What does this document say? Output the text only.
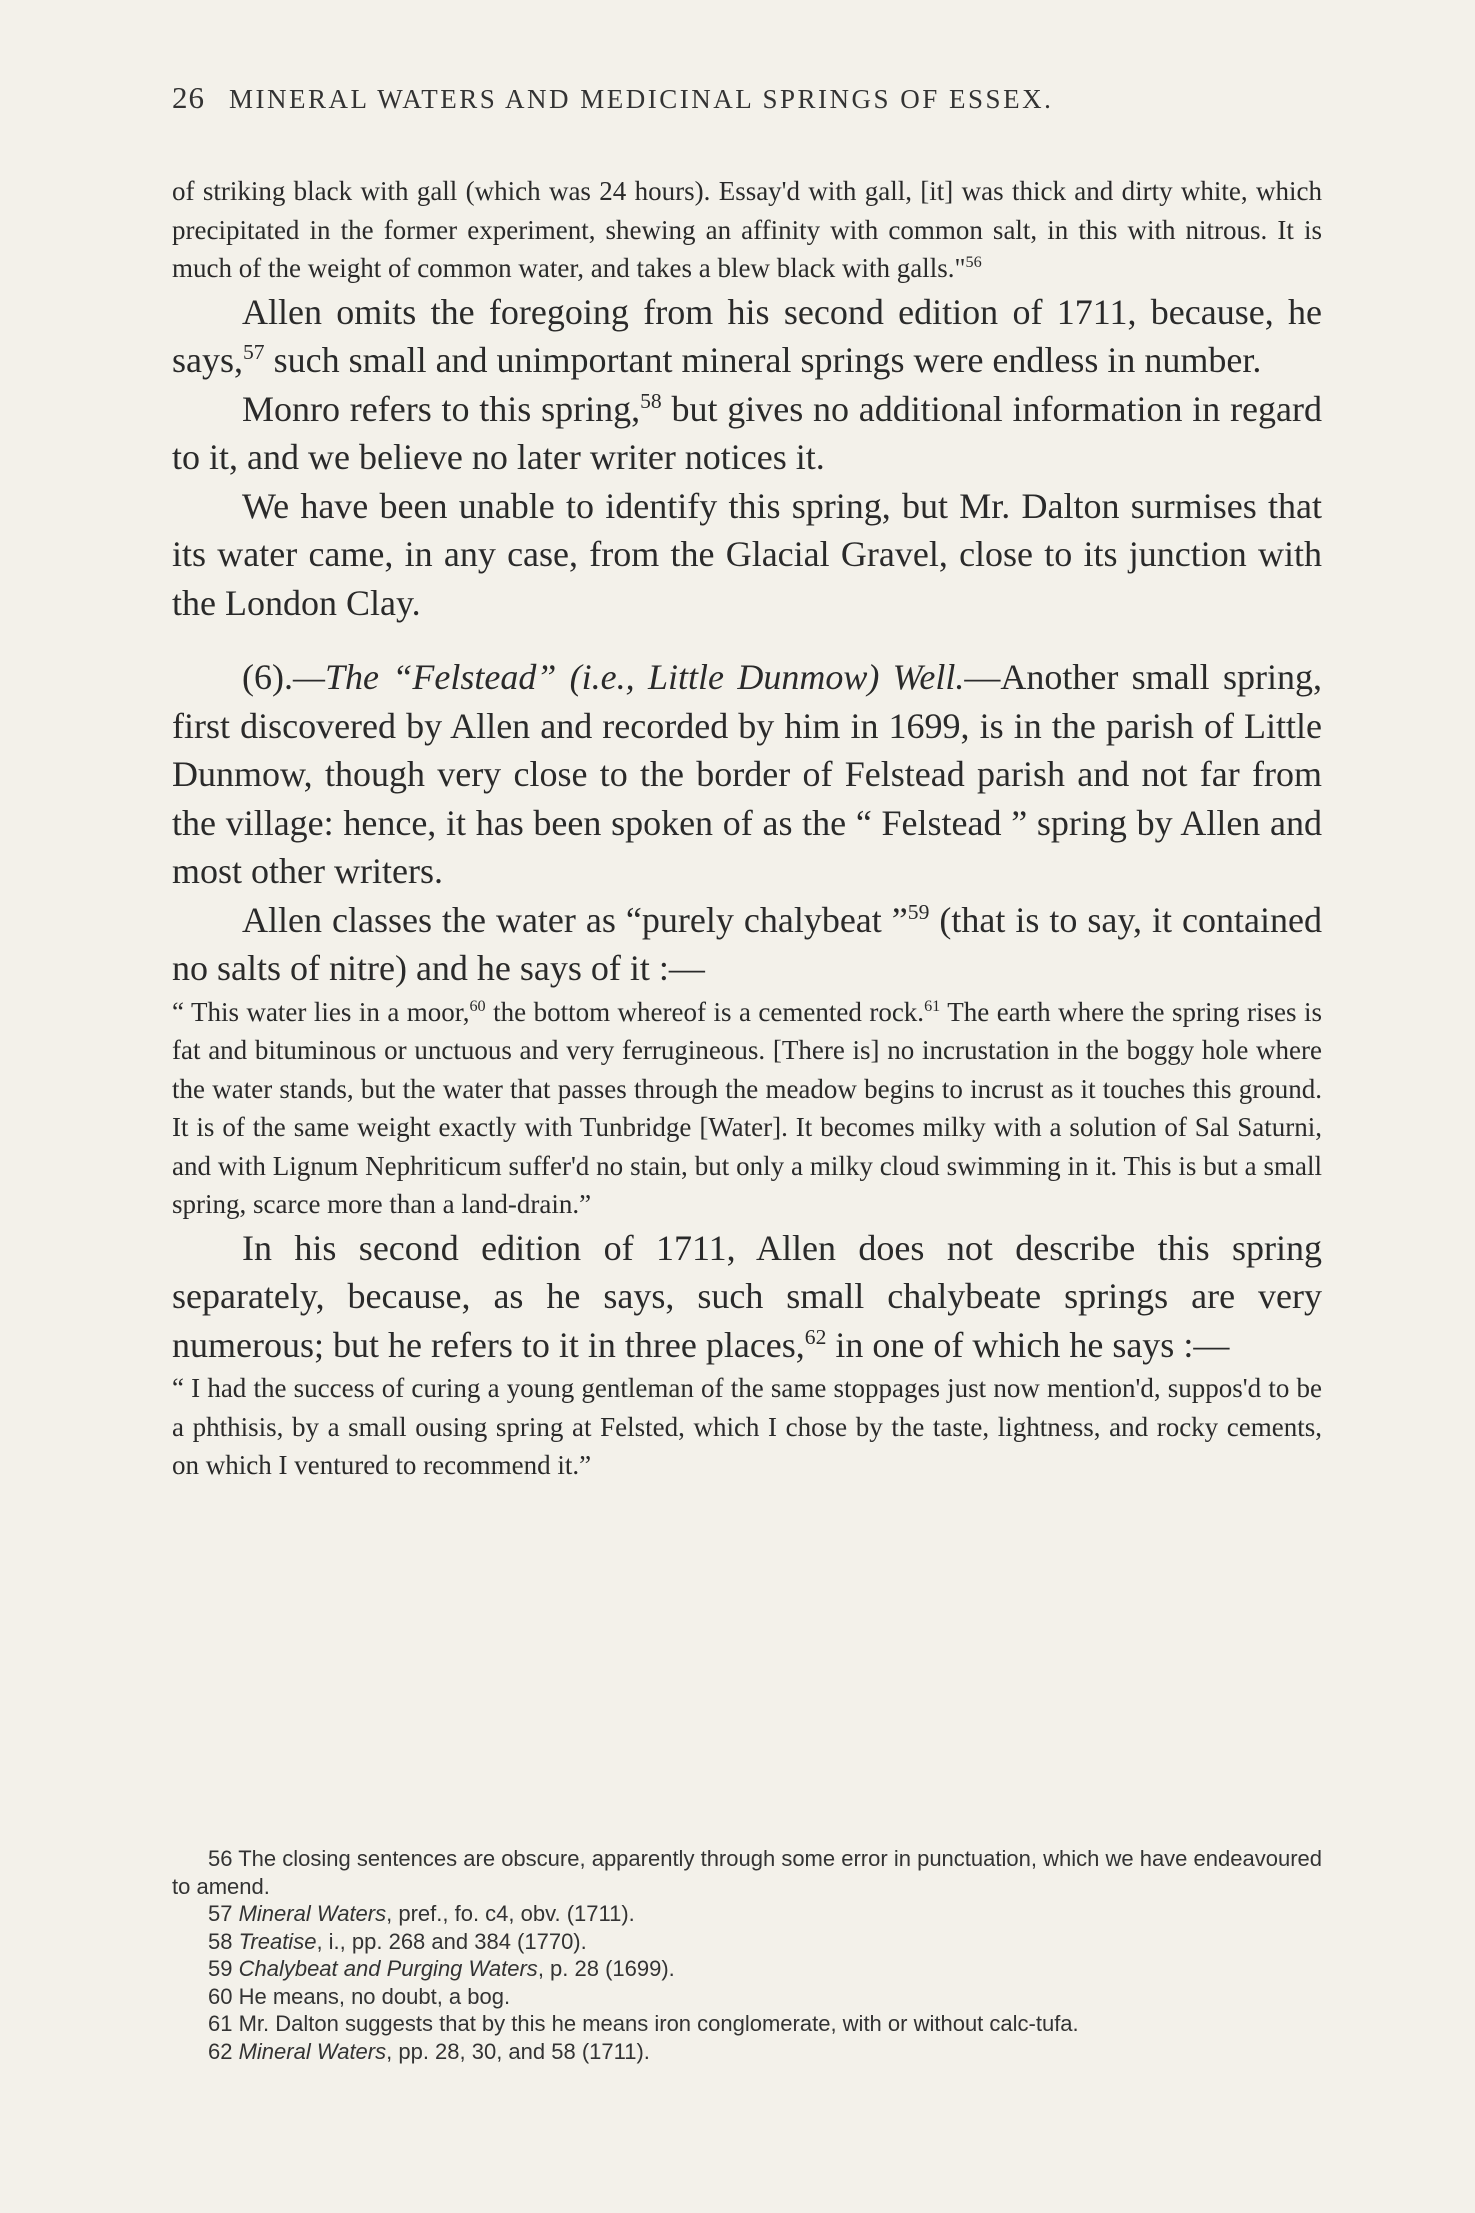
26 MINERAL WATERS AND MEDICINAL SPRINGS OF ESSEX.

of striking black with gall (which was 24 hours). Essay'd with gall, [it] was thick and dirty white, which precipitated in the former experiment, shewing an affinity with common salt, in this with nitrous. It is much of the weight of common water, and takes a blew black with galls."$^{56}$

Allen omits the foregoing from his second edition of 1711, because, he says,$^{57}$ such small and unimportant mineral springs were endless in number.

Monro refers to this spring,$^{58}$ but gives no additional information in regard to it, and we believe no later writer notices it.

We have been unable to identify this spring, but Mr. Dalton surmises that its water came, in any case, from the Glacial Gravel, close to its junction with the London Clay.

(6).—The “Felstead” (i.e., Little Dunmow) Well.—Another small spring, first discovered by Allen and recorded by him in 1699, is in the parish of Little Dunmow, though very close to the border of Felstead parish and not far from the village: hence, it has been spoken of as the “ Felstead ” spring by Allen and most other writers.

Allen classes the water as “purely chalybeat ”$^{59}$ (that is to say, it contained no salts of nitre) and he says of it :—

“ This water lies in a moor,$^{60}$ the bottom whereof is a cemented rock.$^{61}$ The earth where the spring rises is fat and bituminous or unctuous and very ferrugineous. [There is] no incrustation in the boggy hole where the water stands, but the water that passes through the meadow begins to incrust as it touches this ground. It is of the same weight exactly with Tunbridge [Water]. It becomes milky with a solution of Sal Saturni, and with Lignum Nephriticum suffer'd no stain, but only a milky cloud swimming in it. This is but a small spring, scarce more than a land-drain.”

In his second edition of 1711, Allen does not describe this spring separately, because, as he says, such small chalybeate springs are very numerous; but he refers to it in three places,$^{62}$ in one of which he says :—

“ I had the success of curing a young gentleman of the same stoppages just now mention'd, suppos'd to be a phthisis, by a small ousing spring at Felsted, which I chose by the taste, lightness, and rocky cements, on which I ventured to recommend it.”

56 The closing sentences are obscure, apparently through some error in punctuation, which we have endeavoured to amend.

57 Mineral Waters, pref., fo. c4, obv. (1711).

58 Treatise, i., pp. 268 and 384 (1770).

59 Chalybeat and Purging Waters, p. 28 (1699).

60 He means, no doubt, a bog.

61 Mr. Dalton suggests that by this he means iron conglomerate, with or without calc-tufa.

62 Mineral Waters, pp. 28, 30, and 58 (1711).
